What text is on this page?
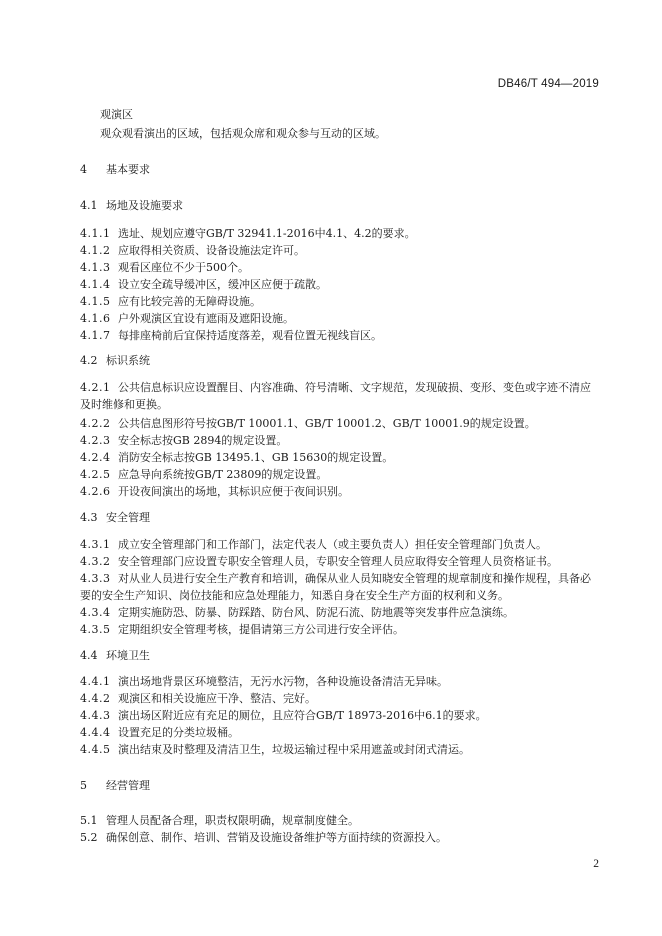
DB46/T 494—2019
观演区
观众观看演出的区域，包括观众席和观众参与互动的区域。
4 基本要求
4.1 场地及设施要求
4.1.1 选址、规划应遵守GB/T 32941.1-2016中4.1、4.2的要求。
4.1.2 应取得相关资质、设备设施法定许可。
4.1.3 观看区座位不少于500个。
4.1.4 设立安全疏导缓冲区，缓冲区应便于疏散。
4.1.5 应有比较完善的无障碍设施。
4.1.6 户外观演区宜设有遮雨及遮阳设施。
4.1.7 每排座椅前后宜保持适度落差，观看位置无视线盲区。
4.2 标识系统
4.2.1 公共信息标识应设置醒目、内容准确、符号清晰、文字规范，发现破损、变形、变色或字迹不清应及时维修和更换。
4.2.2 公共信息图形符号按GB/T 10001.1、GB/T 10001.2、GB/T 10001.9的规定设置。
4.2.3 安全标志按GB 2894的规定设置。
4.2.4 消防安全标志按GB 13495.1、GB 15630的规定设置。
4.2.5 应急导向系统按GB/T 23809的规定设置。
4.2.6 开设夜间演出的场地，其标识应便于夜间识别。
4.3 安全管理
4.3.1 成立安全管理部门和工作部门，法定代表人（或主要负责人）担任安全管理部门负责人。
4.3.2 安全管理部门应设置专职安全管理人员，专职安全管理人员应取得安全管理人员资格证书。
4.3.3 对从业人员进行安全生产教育和培训，确保从业人员知晓安全管理的规章制度和操作规程，具备必要的安全生产知识、岗位技能和应急处理能力，知悉自身在安全生产方面的权利和义务。
4.3.4 定期实施防恐、防暴、防踩踏、防台风、防泥石流、防地震等突发事件应急演练。
4.3.5 定期组织安全管理考核，提倡请第三方公司进行安全评估。
4.4 环境卫生
4.4.1 演出场地背景区环境整洁，无污水污物，各种设施设备清洁无异味。
4.4.2 观演区和相关设施应干净、整洁、完好。
4.4.3 演出场区附近应有充足的厕位，且应符合GB/T 18973-2016中6.1的要求。
4.4.4 设置充足的分类垃圾桶。
4.4.5 演出结束及时整理及清洁卫生，垃圾运输过程中采用遮盖或封闭式清运。
5 经营管理
5.1 管理人员配备合理，职责权限明确，规章制度健全。
5.2 确保创意、制作、培训、营销及设施设备维护等方面持续的资源投入。
2
